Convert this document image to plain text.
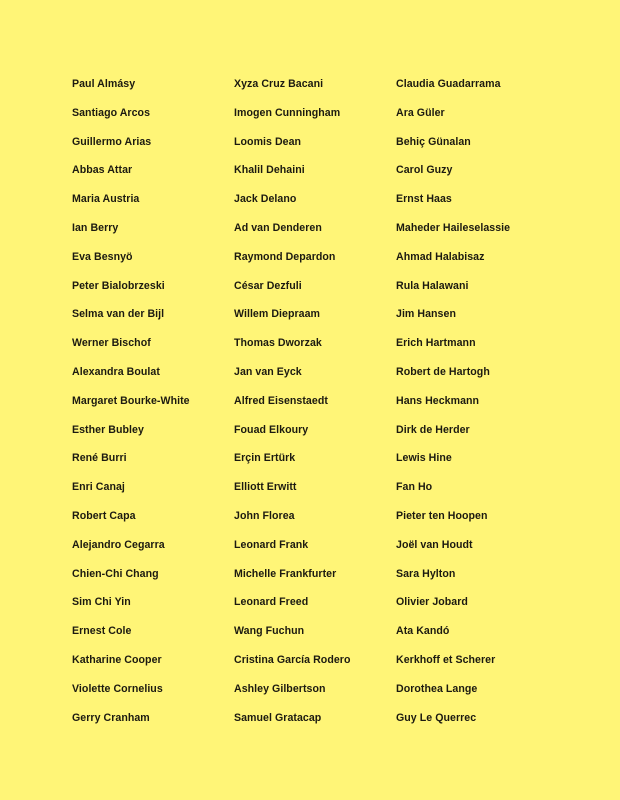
Paul Almásy
Santiago Arcos
Guillermo Arias
Abbas Attar
Maria Austria
Ian Berry
Eva Besnyö
Peter Bialobrzeski
Selma van der Bijl
Werner Bischof
Alexandra Boulat
Margaret Bourke-White
Esther Bubley
René Burri
Enri Canaj
Robert Capa
Alejandro Cegarra
Chien-Chi Chang
Sim Chi Yin
Ernest Cole
Katharine Cooper
Violette Cornelius
Gerry Cranham
Xyza Cruz Bacani
Imogen Cunningham
Loomis Dean
Khalil Dehaini
Jack Delano
Ad van Denderen
Raymond Depardon
César Dezfuli
Willem Diepraam
Thomas Dworzak
Jan van Eyck
Alfred Eisenstaedt
Fouad Elkoury
Erçin Ertürk
Elliott Erwitt
John Florea
Leonard Frank
Michelle Frankfurter
Leonard Freed
Wang Fuchun
Cristina García Rodero
Ashley Gilbertson
Samuel Gratacap
Claudia Guadarrama
Ara Güler
Behiç Günalan
Carol Guzy
Ernst Haas
Maheder Haileselassie
Ahmad Halabisaz
Rula Halawani
Jim Hansen
Erich Hartmann
Robert de Hartogh
Hans Heckmann
Dirk de Herder
Lewis Hine
Fan Ho
Pieter ten Hoopen
Joël van Houdt
Sara Hylton
Olivier Jobard
Ata Kandó
Kerkhoff et Scherer
Dorothea Lange
Guy Le Querrec
